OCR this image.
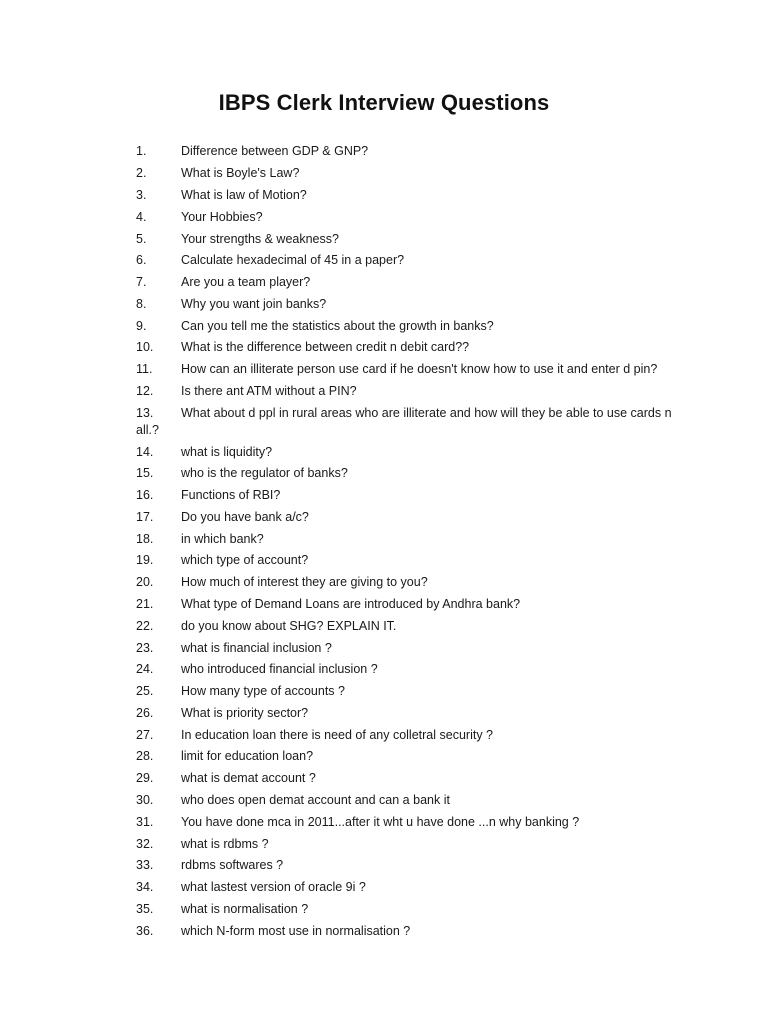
IBPS Clerk Interview Questions
1.	Difference between GDP & GNP?
2.	What is Boyle's Law?
3.	What is law of Motion?
4.	Your Hobbies?
5.	Your strengths & weakness?
6.	Calculate hexadecimal of 45 in a paper?
7.	Are you a team player?
8.	Why you want join banks?
9.	Can you tell me the statistics about the growth in banks?
10.	What is the difference between credit n debit card??
11.	How can an illiterate person use card if he doesn't know how to use it and enter d pin?
12.	Is there ant ATM without a PIN?
13.	What about d ppl in rural areas who are illiterate and how will they be able to use cards n
all.?
14.	what is liquidity?
15.	who is the regulator of banks?
16.	Functions of RBI?
17.	Do you have bank a/c?
18.	in which bank?
19.	which type of account?
20.	How much of interest they are giving to you?
21.	What type of Demand Loans are introduced by Andhra bank?
22.	do you know about SHG? EXPLAIN IT.
23.	what is financial inclusion ?
24.	who introduced financial inclusion ?
25.	How many type of accounts ?
26.	What is priority sector?
27.	In education loan there is need of any colletral security ?
28.	limit for education loan?
29.	what is demat account ?
30.	who does open demat account and can a bank it
31.	You have done mca in 2011...after it wht u have done ...n why banking ?
32.	what is rdbms ?
33.	rdbms softwares ?
34.	what lastest version of oracle 9i ?
35.	what is normalisation ?
36.	which N-form most use in normalisation ?
